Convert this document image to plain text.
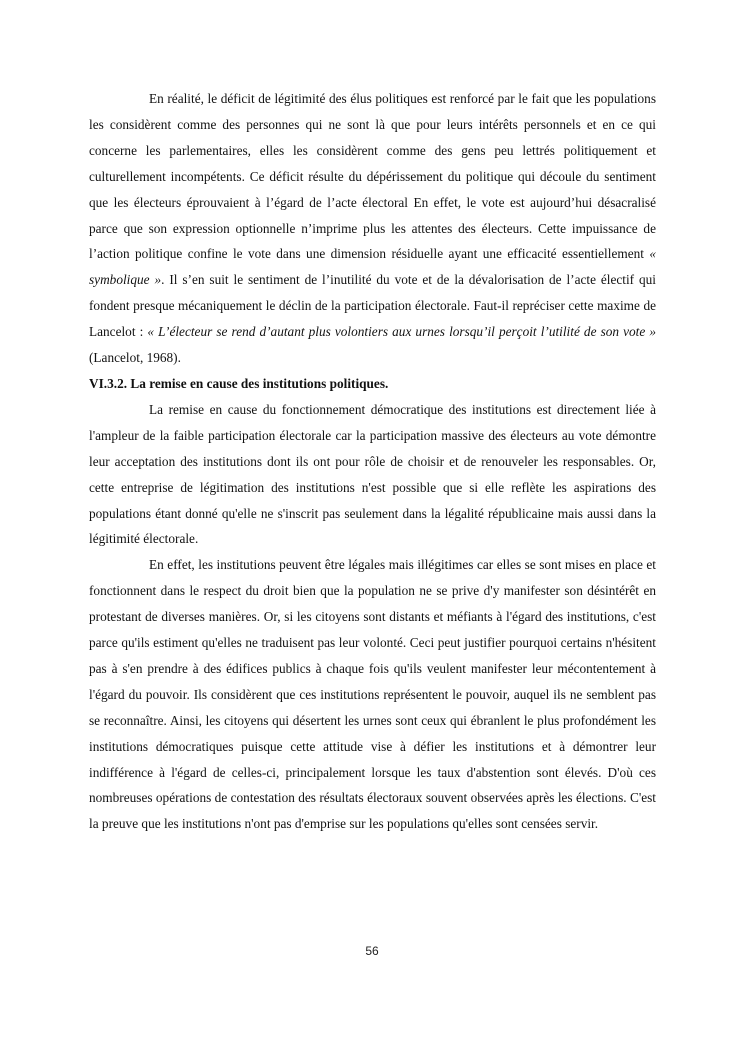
En réalité, le déficit de légitimité des élus politiques est renforcé par le fait que les populations les considèrent comme des personnes qui ne sont là que pour leurs intérêts personnels et en ce qui concerne les parlementaires, elles les considèrent comme des gens peu lettrés politiquement et culturellement incompétents. Ce déficit résulte du dépérissement du politique qui découle du sentiment que les électeurs éprouvaient à l’égard de l’acte électoral En effet, le vote est aujourd’hui désacralisé parce que son expression optionnelle n’imprime plus les attentes des électeurs. Cette impuissance de l’action politique confine le vote dans une dimension résiduelle ayant une efficacité essentiellement « symbolique ». Il s’en suit le sentiment de l’inutilité du vote et de la dévalorisation de l’acte électif qui fondent presque mécaniquement le déclin de la participation électorale. Faut-il repréciser cette maxime de Lancelot : « L’électeur se rend d’autant plus volontiers aux urnes lorsqu’il perçoit l’utilité de son vote » (Lancelot, 1968).

VI.3.2. La remise en cause des institutions politiques.

La remise en cause du fonctionnement démocratique des institutions est directement liée à l'ampleur de la faible participation électorale car la participation massive des électeurs au vote démontre leur acceptation des institutions dont ils ont pour rôle de choisir et de renouveler les responsables. Or, cette entreprise de légitimation des institutions n'est possible que si elle reflète les aspirations des populations étant donné qu'elle ne s'inscrit pas seulement dans la légalité républicaine mais aussi dans la légitimité électorale.

En effet, les institutions peuvent être légales mais illégitimes car elles se sont mises en place et fonctionnent dans le respect du droit bien que la population ne se prive d'y manifester son désintérêt en protestant de diverses manières. Or, si les citoyens sont distants et méfiants à l'égard des institutions, c'est parce qu'ils estiment qu'elles ne traduisent pas leur volonté. Ceci peut justifier pourquoi certains n'hésitent pas à s'en prendre à des édifices publics à chaque fois qu'ils veulent manifester leur mécontentement à l'égard du pouvoir. Ils considèrent que ces institutions représentent le pouvoir, auquel ils ne semblent pas se reconnaître. Ainsi, les citoyens qui désertent les urnes sont ceux qui ébranlent le plus profondément les institutions démocratiques puisque cette attitude vise à défier les institutions et à démontrer leur indifférence à l'égard de celles-ci, principalement lorsque les taux d'abstention sont élevés. D'où ces nombreuses opérations de contestation des résultats électoraux souvent observées après les élections. C'est la preuve que les institutions n'ont pas d'emprise sur les populations qu'elles sont censées servir.

56
